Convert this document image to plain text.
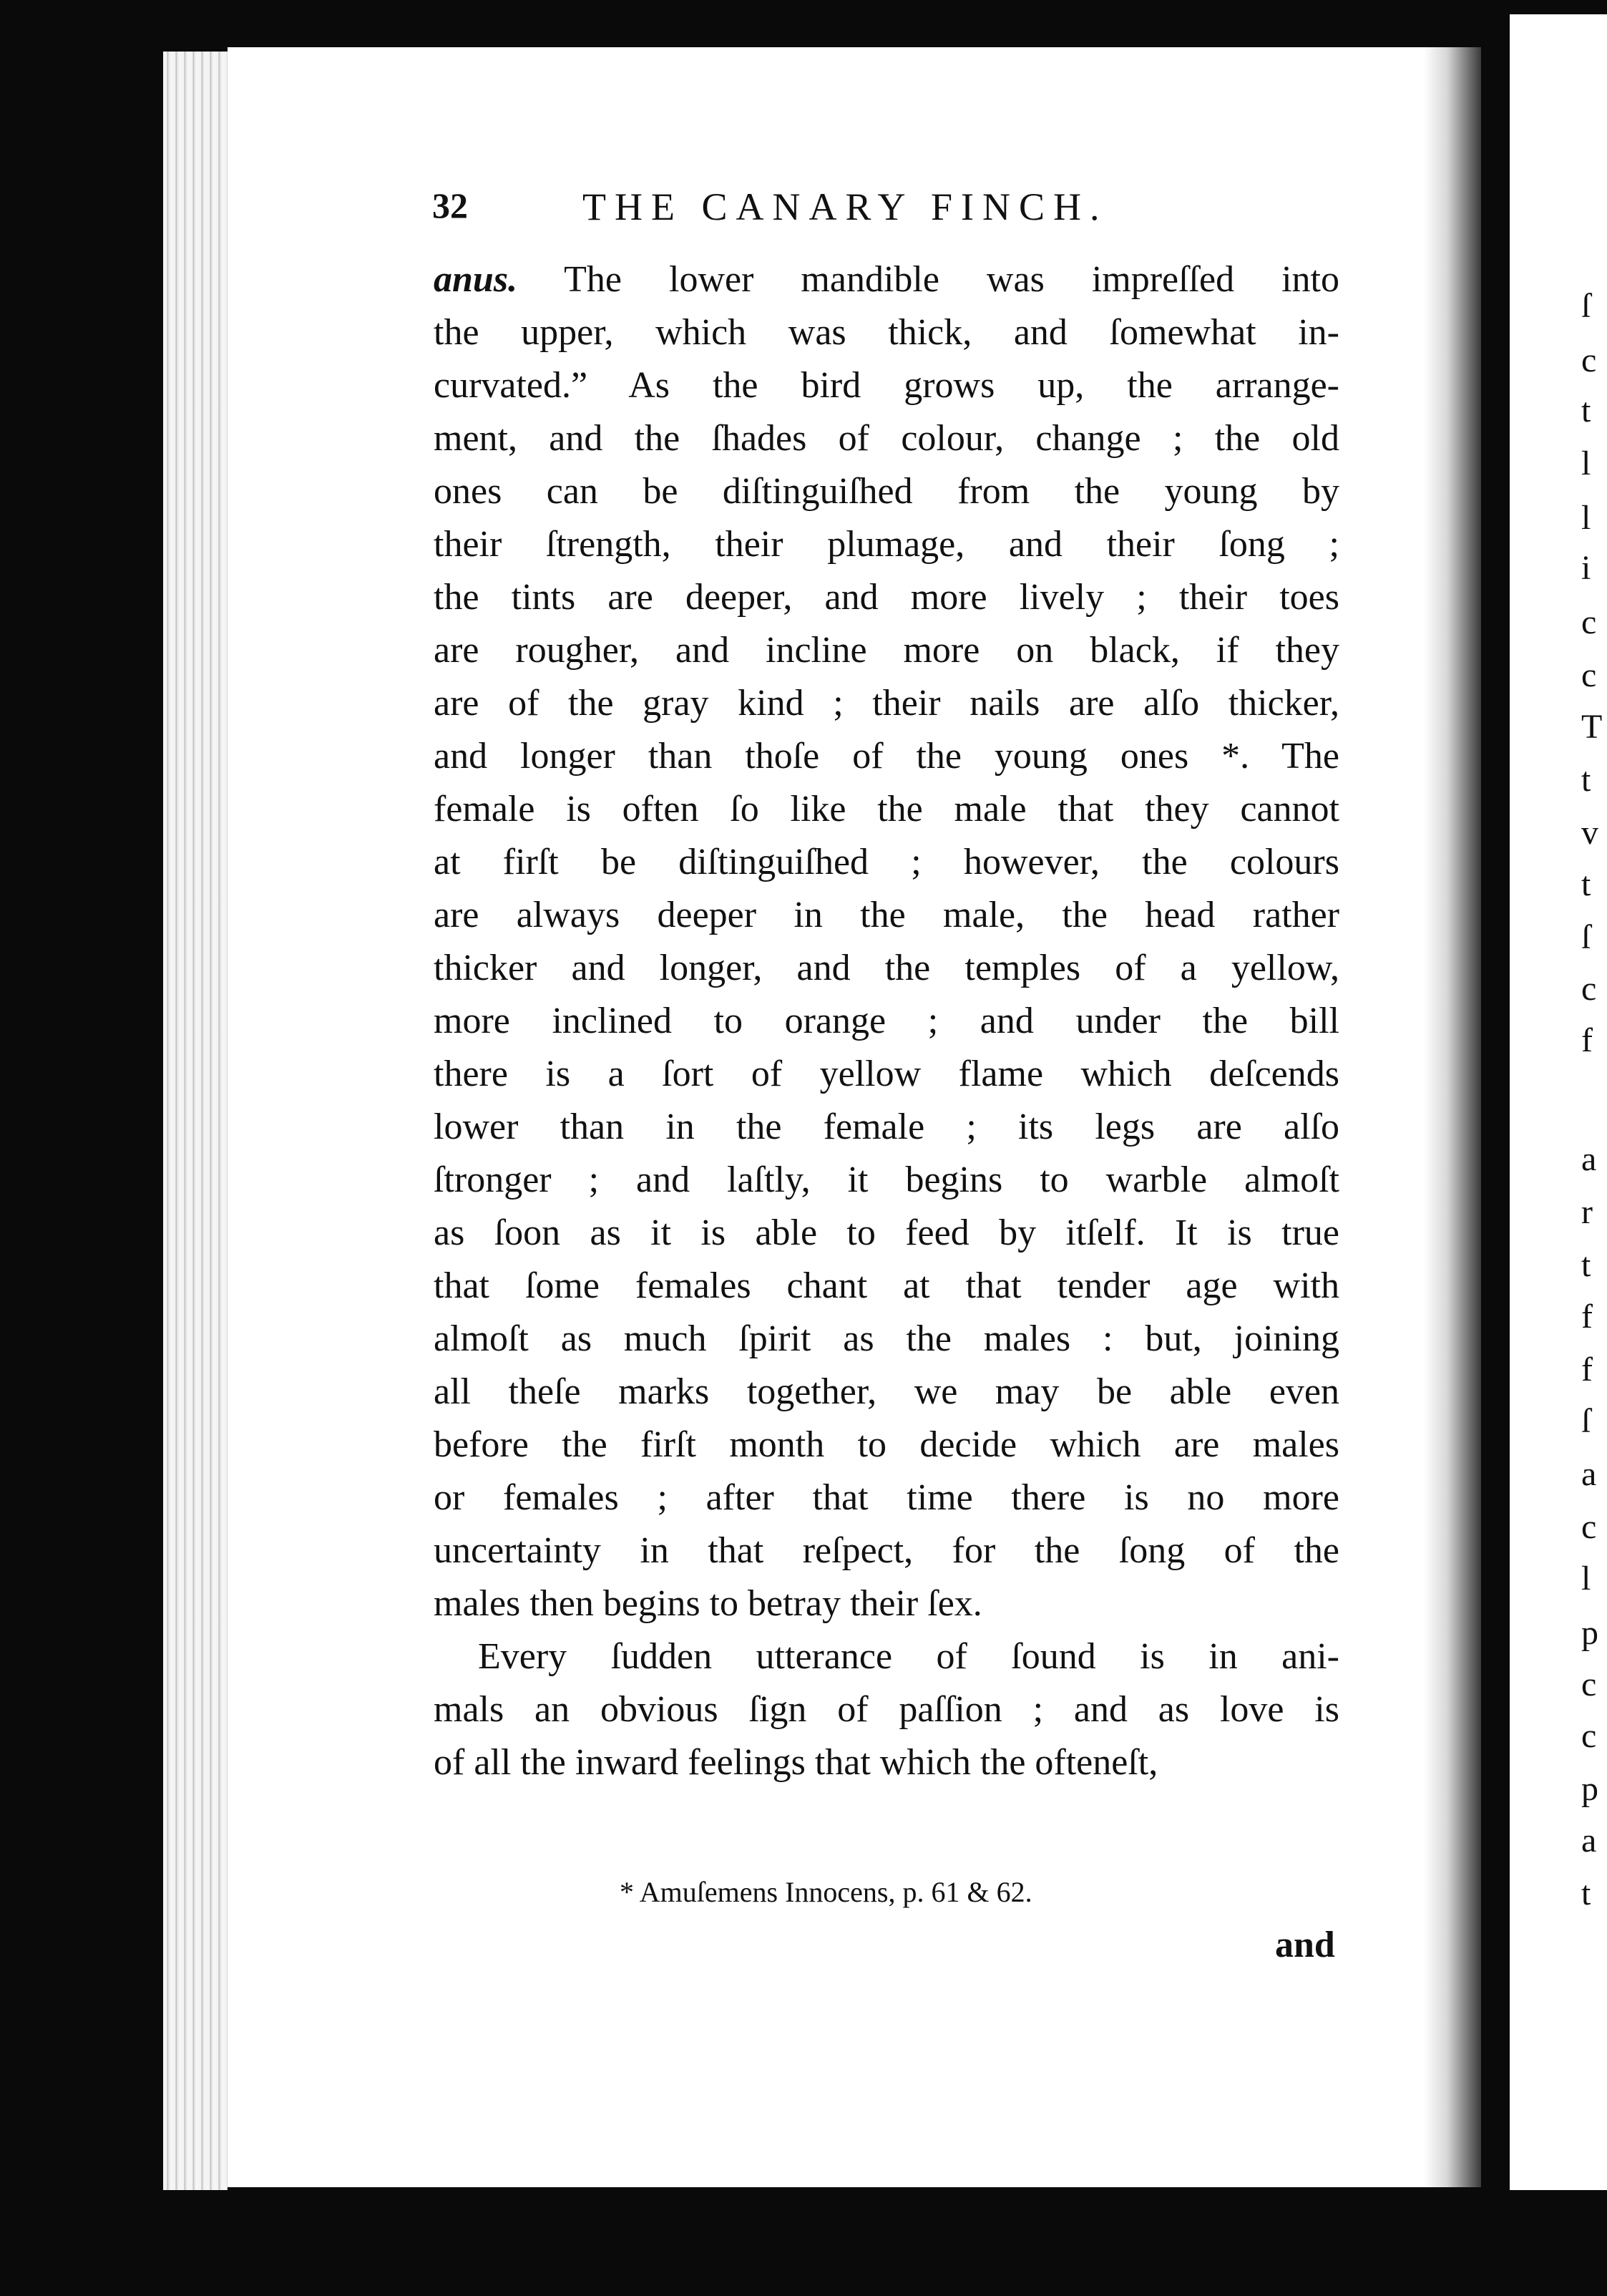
ſ
c
t
l
l
i
c
c
T
t
v
t
ſ
c
f
a
r
t
f
f
ſ
a
c
l
p
c
c
p
a
t
32	THE CANARY FINCH.
anus. The lower mandible was impreſſed into
the upper, which was thick, and ſomewhat in-
curvated.” As the bird grows up, the arrange-
ment, and the ſhades of colour, change ; the old
ones can be diſtinguiſhed from the young by
their ſtrength, their plumage, and their ſong ;
the tints are deeper, and more lively ; their toes
are rougher, and incline more on black, if they
are of the gray kind ; their nails are alſo thicker,
and longer than thoſe of the young ones *. The
female is often ſo like the male that they cannot
at firſt be diſtinguiſhed ; however, the colours
are always deeper in the male, the head rather
thicker and longer, and the temples of a yellow,
more inclined to orange ; and under the bill
there is a ſort of yellow flame which deſcends
lower than in the female ; its legs are alſo
ſtronger ; and laſtly, it begins to warble almoſt
as ſoon as it is able to feed by itſelf. It is true
that ſome females chant at that tender age with
almoſt as much ſpirit as the males : but, joining
all theſe marks together, we may be able even
before the firſt month to decide which are males
or females ; after that time there is no more
uncertainty in that reſpect, for the ſong of the
males then begins to betray their ſex.
Every ſudden utterance of ſound is in ani-
mals an obvious ſign of paſſion ; and as love is
of all the inward feelings that which the ofteneſt,
* Amuſemens Innocens, p. 61 & 62.
and
